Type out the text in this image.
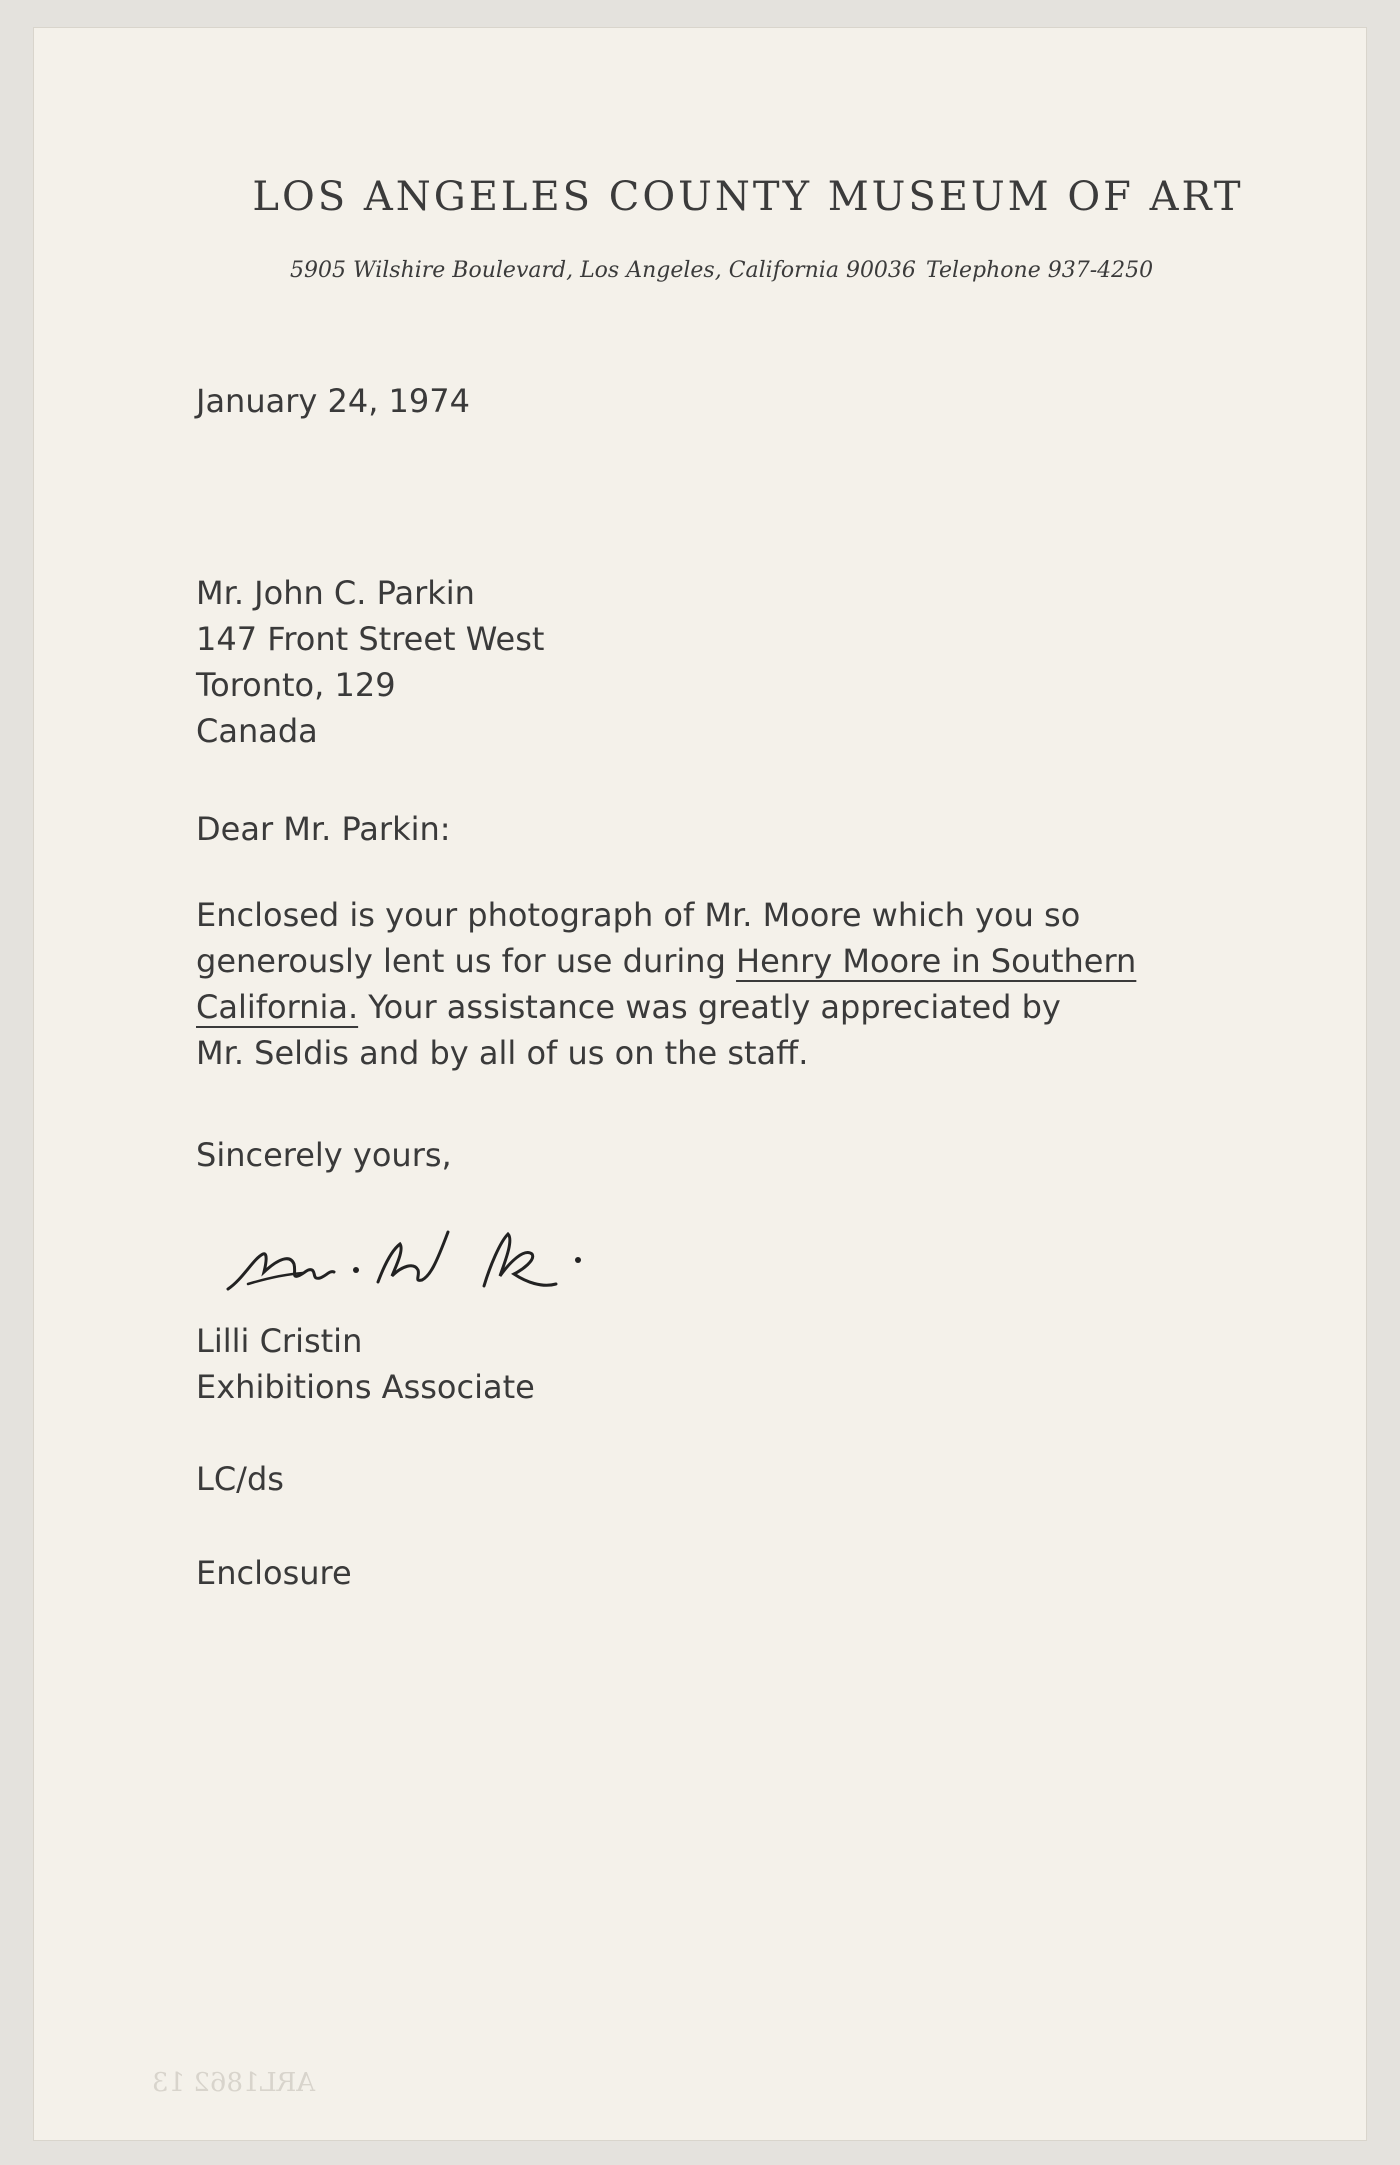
LOS ANGELES COUNTY MUSEUM OF ART
5905 Wilshire Boulevard, Los Angeles, California 90036 Telephone 937-4250
January 24, 1974
Mr. John C. Parkin
147 Front Street West
Toronto, 129
Canada
Dear Mr. Parkin:
Enclosed is your photograph of Mr. Moore which you so
generously lent us for use during Henry Moore in Southern
California. Your assistance was greatly appreciated by
Mr. Seldis and by all of us on the staff.
Sincerely yours,
Lilli Cristin
Exhibitions Associate
LC/ds
Enclosure
ARL1862 13
